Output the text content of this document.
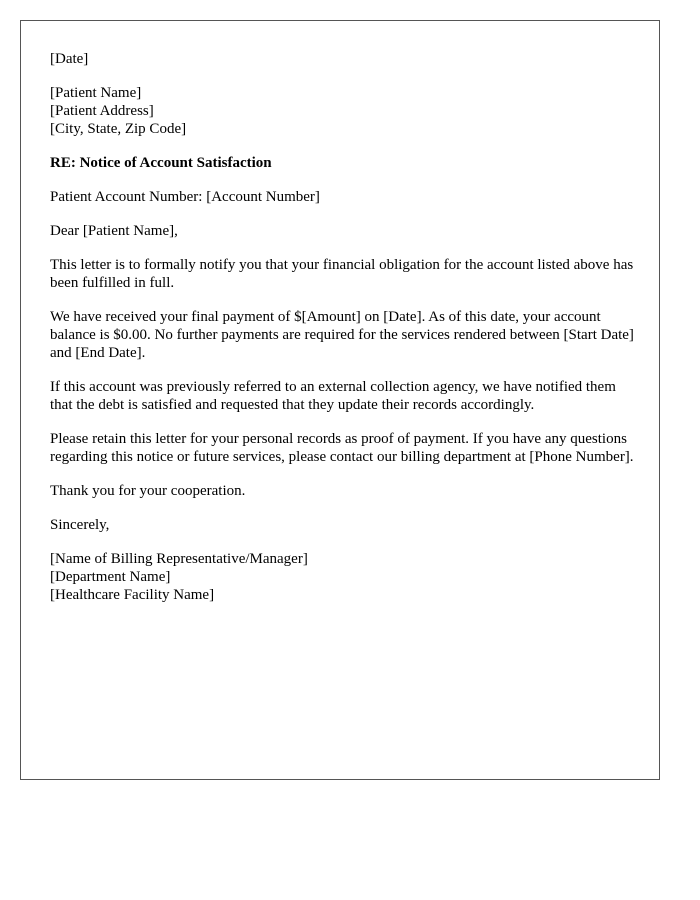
[Date]

[Patient Name]
[Patient Address]
[City, State, Zip Code]

RE: Notice of Account Satisfaction

Patient Account Number: [Account Number]

Dear [Patient Name],

This letter is to formally notify you that your financial obligation for the account listed above has been fulfilled in full.

We have received your final payment of $[Amount] on [Date]. As of this date, your account balance is $0.00. No further payments are required for the services rendered between [Start Date] and [End Date].

If this account was previously referred to an external collection agency, we have notified them that the debt is satisfied and requested that they update their records accordingly.

Please retain this letter for your personal records as proof of payment. If you have any questions regarding this notice or future services, please contact our billing department at [Phone Number].

Thank you for your cooperation.

Sincerely,

[Name of Billing Representative/Manager]
[Department Name]
[Healthcare Facility Name]
